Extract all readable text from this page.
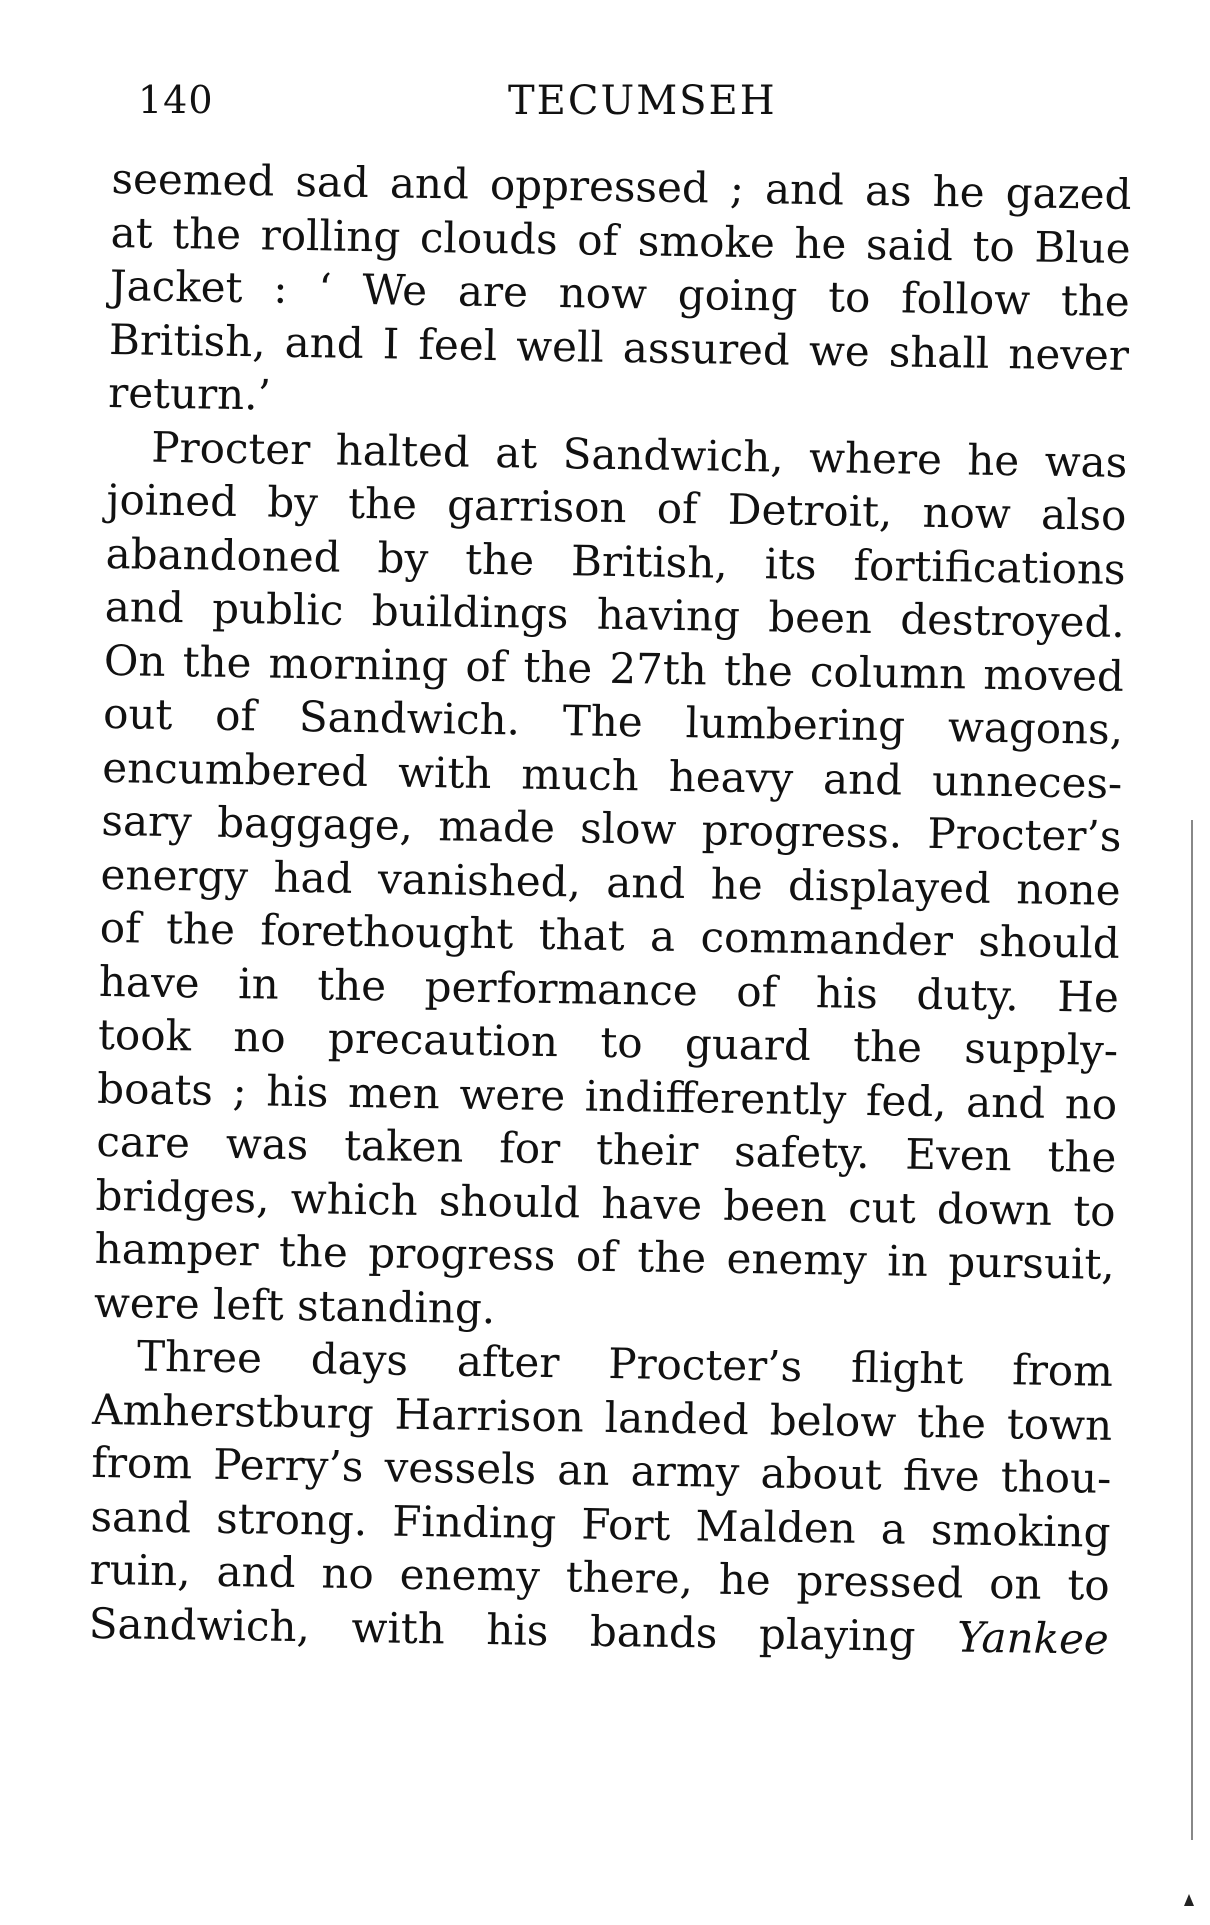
140	TECUMSEH
seemed sad and oppressed ; and as he gazed
at the rolling clouds of smoke he said to Blue
Jacket : ‘ We are now going to follow the
British, and I feel well assured we shall never
return.’
Procter halted at Sandwich, where he was
joined by the garrison of Detroit, now also
abandoned by the British, its fortifications
and public buildings having been destroyed.
On the morning of the 27th the column moved
out of Sandwich. The lumbering wagons,
encumbered with much heavy and unneces-
sary baggage, made slow progress. Procter’s
energy had vanished, and he displayed none
of the forethought that a commander should
have in the performance of his duty. He
took no precaution to guard the supply-
boats ; his men were indifferently fed, and no
care was taken for their safety. Even the
bridges, which should have been cut down to
hamper the progress of the enemy in pursuit,
were left standing.
Three days after Procter’s flight from
Amherstburg Harrison landed below the town
from Perry’s vessels an army about five thou-
sand strong. Finding Fort Malden a smoking
ruin, and no enemy there, he pressed on to
Sandwich, with his bands playing Yankee
